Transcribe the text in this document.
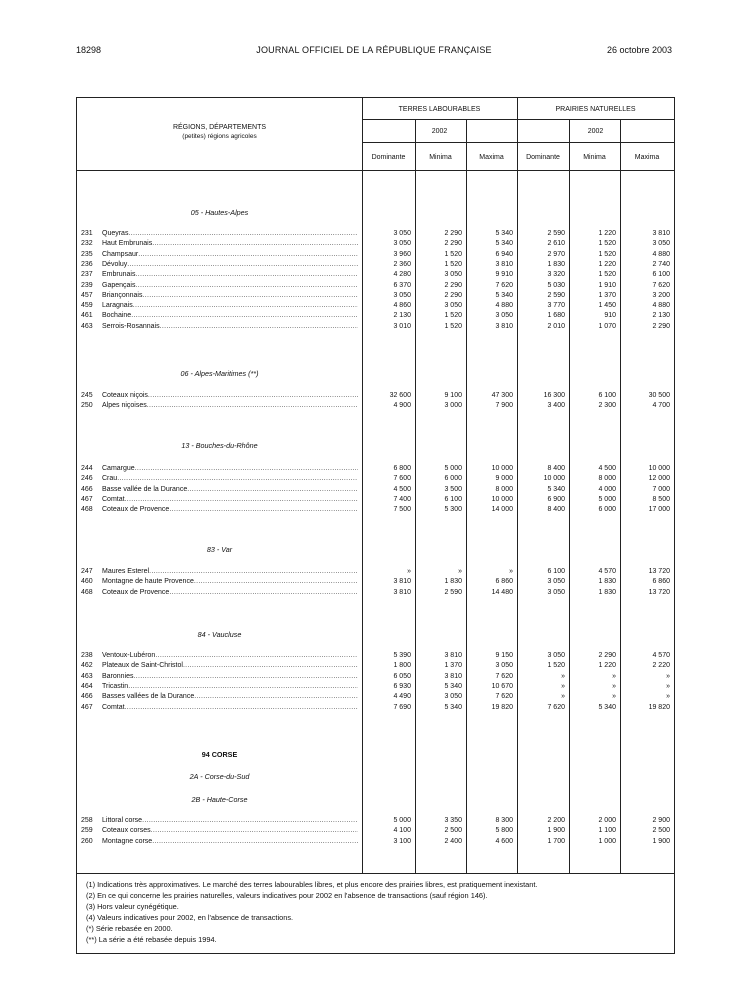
18298	JOURNAL OFFICIEL DE LA RÉPUBLIQUE FRANÇAISE	26 octobre 2003
RÉGIONS, DÉPARTEMENTS
(petites) régions agricoles
TERRES LABOURABLES	PRAIRIES NATURELLES
2002	2002
Dominante	Minima	Maxima	Dominante	Minima	Maxima
05 - Hautes-Alpes
06 - Alpes-Maritimes (**)
13 - Bouches-du-Rhône
83 - Var
84 - Vaucluse
94 CORSE
2A - Corse-du-Sud
2B - Haute-Corse
231	Queyras .....	3 050	2 290	5 340	2 590	1 220	3 810
232	Haut Embrunais .....	3 050	2 290	5 340	2 610	1 520	3 050
235	Champsaur .....	3 960	1 520	6 940	2 970	1 520	4 880
236	Dévoluy .....	2 360	1 520	3 810	1 830	1 220	2 740
237	Embrunais .....	4 280	3 050	9 910	3 320	1 520	6 100
239	Gapençais .....	6 370	2 290	7 620	5 030	1 910	7 620
457	Briançonnais .....	3 050	2 290	5 340	2 590	1 370	3 200
459	Laragnais .....	4 860	3 050	4 880	3 770	1 450	4 880
461	Bochaine .....	2 130	1 520	3 050	1 680	910	2 130
463	Serrois-Rosannais .....	3 010	1 520	3 810	2 010	1 070	2 290
245	Coteaux niçois .....	32 600	9 100	47 300	16 300	6 100	30 500
250	Alpes niçoises .....	4 900	3 000	7 900	3 400	2 300	4 700
244	Camargue .....	6 800	5 000	10 000	8 400	4 500	10 000
246	Crau .....	7 600	6 000	9 000	10 000	8 000	12 000
466	Basse vallée de la Durance .....	4 500	3 500	8 000	5 340	4 000	7 000
467	Comtat .....	7 400	6 100	10 000	6 900	5 000	8 500
468	Coteaux de Provence .....	7 500	5 300	14 000	8 400	6 000	17 000
247	Maures Esterel .....	»	»	»	6 100	4 570	13 720
460	Montagne de haute Provence .....	3 810	1 830	6 860	3 050	1 830	6 860
468	Coteaux de Provence .....	3 810	2 590	14 480	3 050	1 830	13 720
238	Ventoux-Lubéron .....	5 390	3 810	9 150	3 050	2 290	4 570
462	Plateaux de Saint-Christol .....	1 800	1 370	3 050	1 520	1 220	2 220
463	Baronnies .....	6 050	3 810	7 620	»	»	»
464	Tricastin .....	6 930	5 340	10 670	»	»	»
466	Basses vallées de la Durance .....	4 490	3 050	7 620	»	»	»
467	Comtat .....	7 690	5 340	19 820	7 620	5 340	19 820
258	Littoral corse .....	5 000	3 350	8 300	2 200	2 000	2 900
259	Coteaux corses .....	4 100	2 500	5 800	1 900	1 100	2 500
260	Montagne corse .....	3 100	2 400	4 600	1 700	1 000	1 900
(1) Indications très approximatives. Le marché des terres labourables libres, et plus encore des prairies libres, est pratiquement inexistant.
(2) En ce qui concerne les prairies naturelles, valeurs indicatives pour 2002 en l'absence de transactions (sauf région 146).
(3) Hors valeur cynégétique.
(4) Valeurs indicatives pour 2002, en l'absence de transactions.
(*) Série rebasée en 2000.
(**) La série a été rebasée depuis 1994.
